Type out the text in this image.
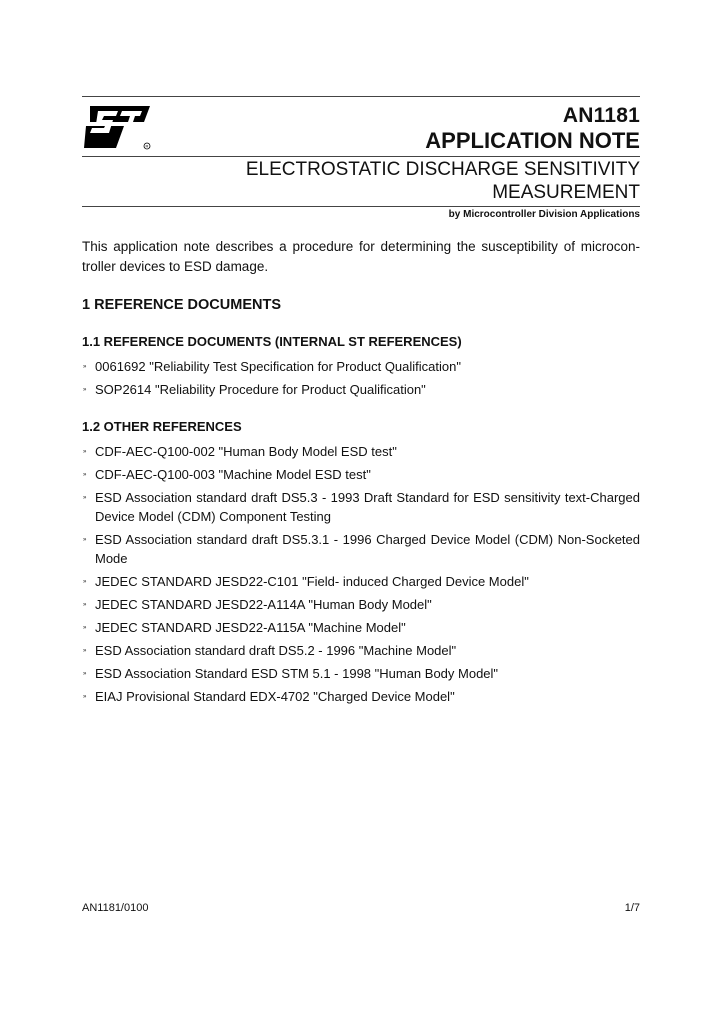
R
AN1181
APPLICATION NOTE
ELECTROSTATIC DISCHARGE SENSITIVITY MEASUREMENT
by Microcontroller Division Applications
This application note describes a procedure for determining the susceptibility of microcon-troller devices to ESD damage.
1 REFERENCE DOCUMENTS
1.1 REFERENCE DOCUMENTS (INTERNAL ST REFERENCES)
» 0061692 "Reliability Test Specification for Product Qualification"
» SOP2614 "Reliability Procedure for Product Qualification"
1.2 OTHER REFERENCES
» CDF-AEC-Q100-002 "Human Body Model ESD test"
» CDF-AEC-Q100-003 "Machine Model ESD test"
» ESD Association standard draft DS5.3 - 1993 Draft Standard for ESD sensitivity text-Charged Device Model (CDM) Component Testing
» ESD Association standard draft DS5.3.1 - 1996 Charged Device Model (CDM) Non-Socketed Mode
» JEDEC STANDARD JESD22-C101 "Field- induced Charged Device Model"
» JEDEC STANDARD JESD22-A114A "Human Body Model"
» JEDEC STANDARD JESD22-A115A "Machine Model"
» ESD Association standard draft DS5.2 - 1996 "Machine Model"
» ESD Association Standard ESD STM 5.1 - 1998 "Human Body Model"
» EIAJ Provisional Standard EDX-4702 "Charged Device Model"
AN1181/0100	1/7
